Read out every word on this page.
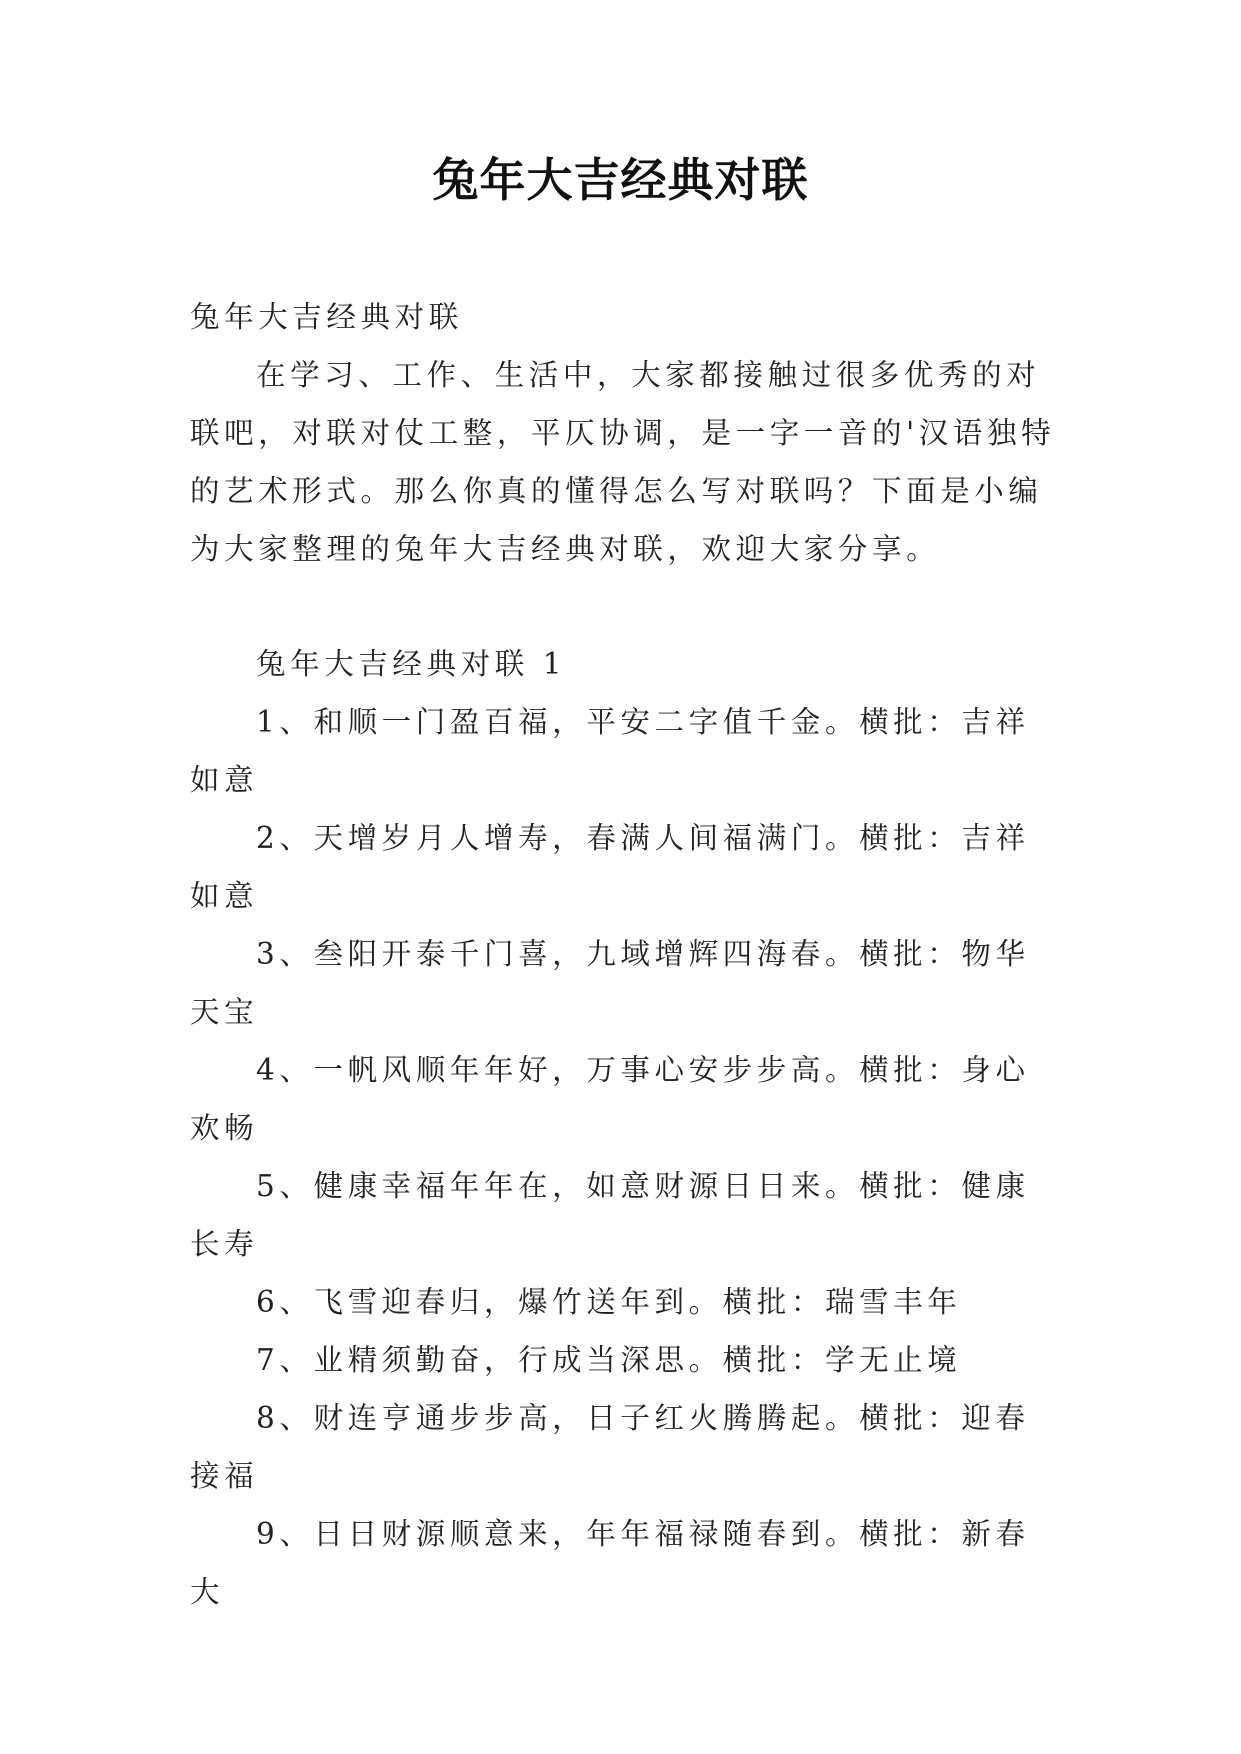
兔年大吉经典对联

兔年大吉经典对联

在学习、工作、生活中，大家都接触过很多优秀的对联吧，对联对仗工整，平仄协调，是一字一音的'汉语独特的艺术形式。那么你真的懂得怎么写对联吗？下面是小编为大家整理的兔年大吉经典对联，欢迎大家分享。

兔年大吉经典对联 1

1、和顺一门盈百福，平安二字值千金。横批：吉祥如意

2、天增岁月人增寿，春满人间福满门。横批：吉祥如意

3、叁阳开泰千门喜，九域增辉四海春。横批：物华天宝

4、一帆风顺年年好，万事心安步步高。横批：身心欢畅

5、健康幸福年年在，如意财源日日来。横批：健康长寿

6、飞雪迎春归，爆竹送年到。横批：瑞雪丰年

7、业精须勤奋，行成当深思。横批：学无止境

8、财连亨通步步高，日子红火腾腾起。横批：迎春接福

9、日日财源顺意来，年年福禄随春到。横批：新春大
